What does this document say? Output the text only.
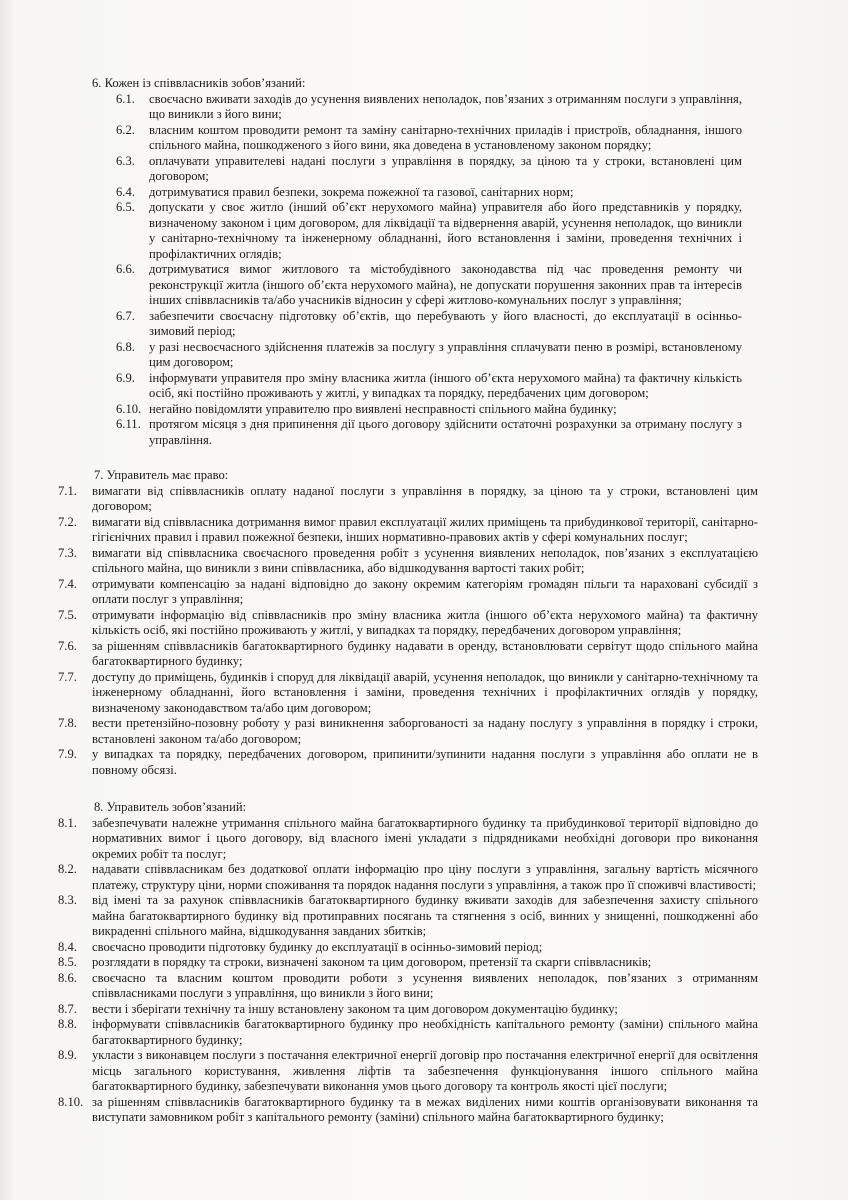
6. Кожен із співвласників зобов’язаний:
6.1.	своєчасно вживати заходів до усунення виявлених неполадок, пов’язаних з отриманням послуги з управління, що виникли з його вини;
6.2.	власним коштом проводити ремонт та заміну санітарно-технічних приладів і пристроїв, обладнання, іншого спільного майна, пошкодженого з його вини, яка доведена в установленому законом порядку;
6.3.	оплачувати управителеві надані послуги з управління в порядку, за ціною та у строки, встановлені цим договором;
6.4.	дотримуватися правил безпеки, зокрема пожежної та газової, санітарних норм;
6.5.	допускати у своє житло (інший об’єкт нерухомого майна) управителя або його представників у порядку, визначеному законом і цим договором, для ліквідації та відвернення аварій, усунення неполадок, що виникли у санітарно-технічному та інженерному обладнанні, його встановлення і заміни, проведення технічних і профілактичних оглядів;
6.6.	дотримуватися вимог житлового та містобудівного законодавства під час проведення ремонту чи реконструкції житла (іншого об’єкта нерухомого майна), не допускати порушення законних прав та інтересів інших співвласників та/або учасників відносин у сфері житлово-комунальних послуг з управління;
6.7.	забезпечити своєчасну підготовку об’єктів, що перебувають у його власності, до експлуатації в осінньо-зимовий період;
6.8.	у разі несвоєчасного здійснення платежів за послугу з управління сплачувати пеню в розмірі, встановленому цим договором;
6.9.	інформувати управителя про зміну власника житла (іншого об’єкта нерухомого майна) та фактичну кількість осіб, які постійно проживають у житлі, у випадках та порядку, передбачених цим договором;
6.10. негайно повідомляти управителю про виявлені несправності спільного майна будинку;
6.11. протягом місяця з дня припинення дії цього договору здійснити остаточні розрахунки за отриману послугу з управління.
7. Управитель має право:
7.1.	вимагати від співвласників оплату наданої послуги з управління в порядку, за ціною та у строки, встановлені цим договором;
7.2.	вимагати від співвласника дотримання вимог правил експлуатації жилих приміщень та прибудинкової території, санітарно-гігієнічних правил і правил пожежної безпеки, інших нормативно-правових актів у сфері комунальних послуг;
7.3.	вимагати від співвласника своєчасного проведення робіт з усунення виявлених неполадок, пов’язаних з експлуатацією спільного майна, що виникли з вини співвласника, або відшкодування вартості таких робіт;
7.4.	отримувати компенсацію за надані відповідно до закону окремим категоріям громадян пільги та нараховані субсидії з оплати послуг з управління;
7.5.	отримувати інформацію від співвласників про зміну власника житла (іншого об’єкта нерухомого майна) та фактичну кількість осіб, які постійно проживають у житлі, у випадках та порядку, передбачених договором управління;
7.6.	за рішенням співвласників багатоквартирного будинку надавати в оренду, встановлювати сервітут щодо спільного майна багатоквартирного будинку;
7.7.	доступу до приміщень, будинків і споруд для ліквідації аварій, усунення неполадок, що виникли у санітарно-технічному та інженерному обладнанні, його встановлення і заміни, проведення технічних і профілактичних оглядів у порядку, визначеному законодавством та/або цим договором;
7.8.	вести претензійно-позовну роботу у разі виникнення заборгованості за надану послугу з управління в порядку і строки, встановлені законом та/або договором;
7.9.	у випадках та порядку, передбачених договором, припинити/зупинити надання послуги з управління або оплати не в повному обсязі.
8. Управитель зобов’язаний:
8.1.	забезпечувати належне утримання спільного майна багатоквартирного будинку та прибудинкової території відповідно до нормативних вимог і цього договору, від власного імені укладати з підрядниками необхідні договори про виконання окремих робіт та послуг;
8.2.	надавати співвласникам без додаткової оплати інформацію про ціну послуги з управління, загальну вартість місячного платежу, структуру ціни, норми споживання та порядок надання послуги з управління, а також про її споживчі властивості;
8.3.	від імені та за рахунок співвласників багатоквартирного будинку вживати заходів для забезпечення захисту спільного майна багатоквартирного будинку від протиправних посягань та стягнення з осіб, винних у знищенні, пошкодженні або викраденні спільного майна, відшкодування завданих збитків;
8.4.	своєчасно проводити підготовку будинку до експлуатації в осінньо-зимовий період;
8.5.	розглядати в порядку та строки, визначені законом та цим договором, претензії та скарги співвласників;
8.6.	своєчасно та власним коштом проводити роботи з усунення виявлених неполадок, пов’язаних з отриманням співвласниками послуги з управління, що виникли з його вини;
8.7.	вести і зберігати технічну та іншу встановлену законом та цим договором документацію будинку;
8.8.	інформувати співвласників багатоквартирного будинку про необхідність капітального ремонту (заміни) спільного майна багатоквартирного будинку;
8.9.	укласти з виконавцем послуги з постачання електричної енергії договір про постачання електричної енергії для освітлення місць загального користування, живлення ліфтів та забезпечення функціонування іншого спільного майна багатоквартирного будинку, забезпечувати виконання умов цього договору та контроль якості цієї послуги;
8.10. за рішенням співвласників багатоквартирного будинку та в межах виділених ними коштів організовувати виконання та виступати замовником робіт з капітального ремонту (заміни) спільного майна багатоквартирного будинку;
